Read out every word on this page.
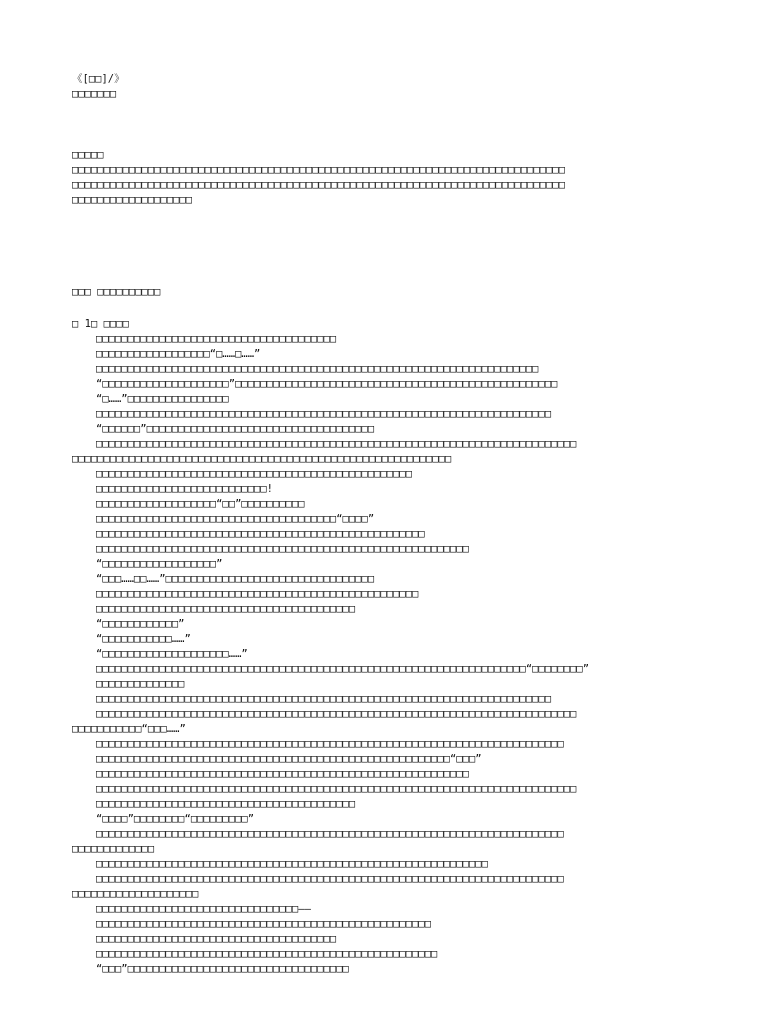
《[□□]/》
□□□□□□□
□□□□□
□□□□□□□□□□□□□□□□□□□□□□□□□□□□□□□□□□□□□□□□□□□□□□□□□□□□□□□□□□□□□□□□□□□□□□□□□□□□□□
□□□□□□□□□□□□□□□□□□□□□□□□□□□□□□□□□□□□□□□□□□□□□□□□□□□□□□□□□□□□□□□□□□□□□□□□□□□□□□
□□□□□□□□□□□□□□□□□□□
□□□ □□□□□□□□□□
□ 1□ □□□□
□□□□□□□□□□□□□□□□□□□□□□□□□□□□□□□□□□□□□□
□□□□□□□□□□□□□□□□□□“□……□……”
□□□□□□□□□□□□□□□□□□□□□□□□□□□□□□□□□□□□□□□□□□□□□□□□□□□□□□□□□□□□□□□□□□□□□□
“□□□□□□□□□□□□□□□□□□□□”□□□□□□□□□□□□□□□□□□□□□□□□□□□□□□□□□□□□□□□□□□□□□□□□□□□
“□……”□□□□□□□□□□□□□□□□
□□□□□□□□□□□□□□□□□□□□□□□□□□□□□□□□□□□□□□□□□□□□□□□□□□□□□□□□□□□□□□□□□□□□□□□□
“□□□□□□”□□□□□□□□□□□□□□□□□□□□□□□□□□□□□□□□□□□□
□□□□□□□□□□□□□□□□□□□□□□□□□□□□□□□□□□□□□□□□□□□□□□□□□□□□□□□□□□□□□□□□□□□□□□□□□□□□
□□□□□□□□□□□□□□□□□□□□□□□□□□□□□□□□□□□□□□□□□□□□□□□□□□□□□□□□□□□□
□□□□□□□□□□□□□□□□□□□□□□□□□□□□□□□□□□□□□□□□□□□□□□□□□□
□□□□□□□□□□□□□□□□□□□□□□□□□□□!
□□□□□□□□□□□□□□□□□□□“□□”□□□□□□□□□□
□□□□□□□□□□□□□□□□□□□□□□□□□□□□□□□□□□□□□□“□□□□”
□□□□□□□□□□□□□□□□□□□□□□□□□□□□□□□□□□□□□□□□□□□□□□□□□□□□
□□□□□□□□□□□□□□□□□□□□□□□□□□□□□□□□□□□□□□□□□□□□□□□□□□□□□□□□□□□
“□□□□□□□□□□□□□□□□□□”
“□□□……□□……”□□□□□□□□□□□□□□□□□□□□□□□□□□□□□□□□□
□□□□□□□□□□□□□□□□□□□□□□□□□□□□□□□□□□□□□□□□□□□□□□□□□□□
□□□□□□□□□□□□□□□□□□□□□□□□□□□□□□□□□□□□□□□□□
“□□□□□□□□□□□□”
“□□□□□□□□□□□……”
“□□□□□□□□□□□□□□□□□□□□……”
□□□□□□□□□□□□□□□□□□□□□□□□□□□□□□□□□□□□□□□□□□□□□□□□□□□□□□□□□□□□□□□□□□□□“□□□□□□□□”
□□□□□□□□□□□□□□
□□□□□□□□□□□□□□□□□□□□□□□□□□□□□□□□□□□□□□□□□□□□□□□□□□□□□□□□□□□□□□□□□□□□□□□□
□□□□□□□□□□□□□□□□□□□□□□□□□□□□□□□□□□□□□□□□□□□□□□□□□□□□□□□□□□□□□□□□□□□□□□□□□□□□
□□□□□□□□□□□“□□□……”
□□□□□□□□□□□□□□□□□□□□□□□□□□□□□□□□□□□□□□□□□□□□□□□□□□□□□□□□□□□□□□□□□□□□□□□□□□
□□□□□□□□□□□□□□□□□□□□□□□□□□□□□□□□□□□□□□□□□□□□□□□□□□□□□□□□“□□□”
□□□□□□□□□□□□□□□□□□□□□□□□□□□□□□□□□□□□□□□□□□□□□□□□□□□□□□□□□□□
□□□□□□□□□□□□□□□□□□□□□□□□□□□□□□□□□□□□□□□□□□□□□□□□□□□□□□□□□□□□□□□□□□□□□□□□□□□□
□□□□□□□□□□□□□□□□□□□□□□□□□□□□□□□□□□□□□□□□□
“□□□□”□□□□□□□□“□□□□□□□□□”
□□□□□□□□□□□□□□□□□□□□□□□□□□□□□□□□□□□□□□□□□□□□□□□□□□□□□□□□□□□□□□□□□□□□□□□□□□
□□□□□□□□□□□□□
□□□□□□□□□□□□□□□□□□□□□□□□□□□□□□□□□□□□□□□□□□□□□□□□□□□□□□□□□□□□□□
□□□□□□□□□□□□□□□□□□□□□□□□□□□□□□□□□□□□□□□□□□□□□□□□□□□□□□□□□□□□□□□□□□□□□□□□□□
□□□□□□□□□□□□□□□□□□□□
□□□□□□□□□□□□□□□□□□□□□□□□□□□□□□□□——
□□□□□□□□□□□□□□□□□□□□□□□□□□□□□□□□□□□□□□□□□□□□□□□□□□□□□
□□□□□□□□□□□□□□□□□□□□□□□□□□□□□□□□□□□□□□
□□□□□□□□□□□□□□□□□□□□□□□□□□□□□□□□□□□□□□□□□□□□□□□□□□□□□□
“□□□”□□□□□□□□□□□□□□□□□□□□□□□□□□□□□□□□□□□
